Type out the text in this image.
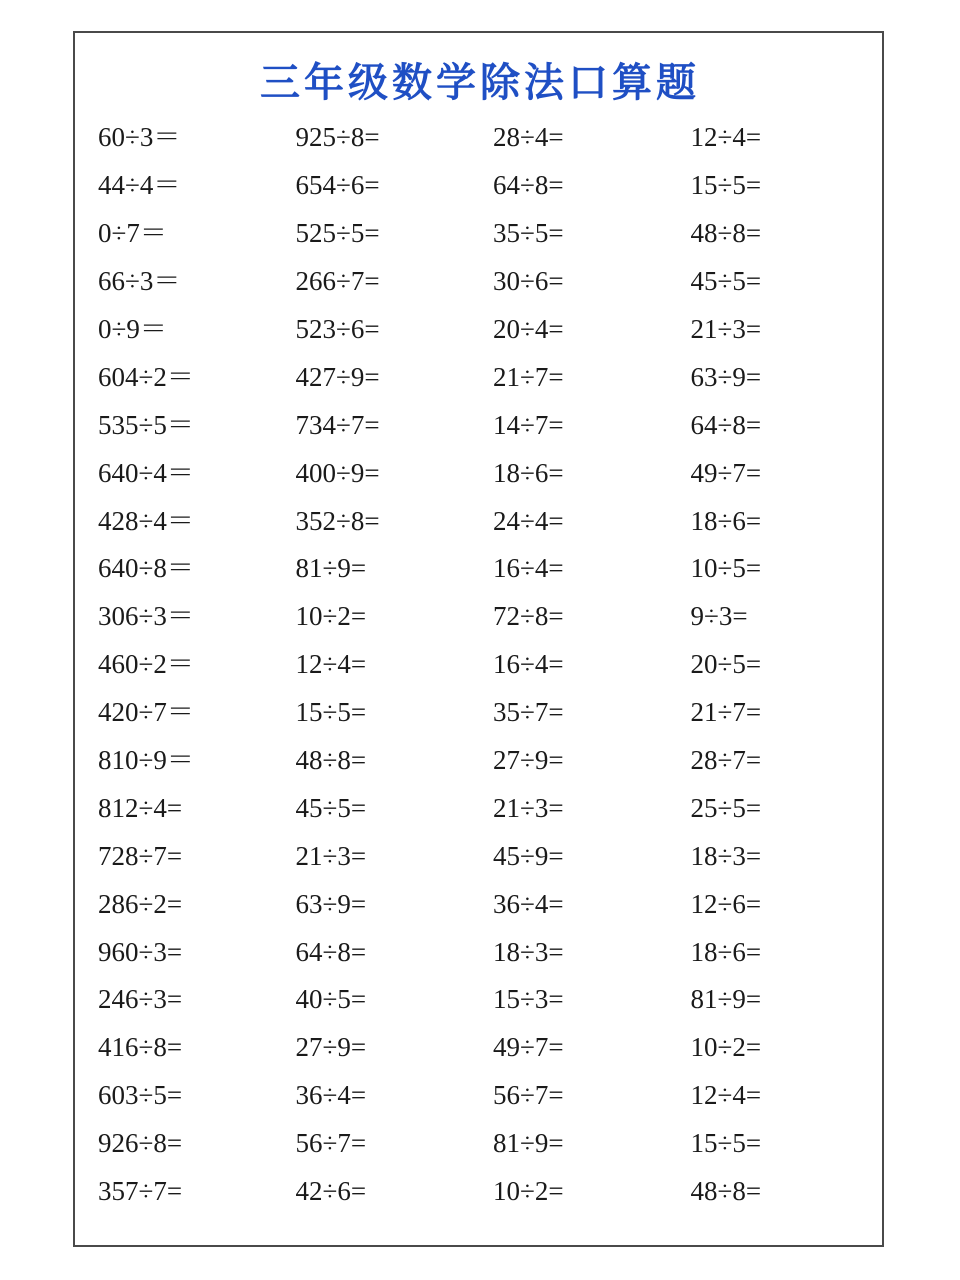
三年级数学除法口算题
60÷3＝	925÷8=	28÷4=	12÷4=
44÷4＝	654÷6=	64÷8=	15÷5=
0÷7＝	525÷5=	35÷5=	48÷8=
66÷3＝	266÷7=	30÷6=	45÷5=
0÷9＝	523÷6=	20÷4=	21÷3=
604÷2＝	427÷9=	21÷7=	63÷9=
535÷5＝	734÷7=	14÷7=	64÷8=
640÷4＝	400÷9=	18÷6=	49÷7=
428÷4＝	352÷8=	24÷4=	18÷6=
640÷8＝	81÷9=	16÷4=	10÷5=
306÷3＝	10÷2=	72÷8=	9÷3=
460÷2＝	12÷4=	16÷4=	20÷5=
420÷7＝	15÷5=	35÷7=	21÷7=
810÷9＝	48÷8=	27÷9=	28÷7=
812÷4=	45÷5=	21÷3=	25÷5=
728÷7=	21÷3=	45÷9=	18÷3=
286÷2=	63÷9=	36÷4=	12÷6=
960÷3=	64÷8=	18÷3=	18÷6=
246÷3=	40÷5=	15÷3=	81÷9=
416÷8=	27÷9=	49÷7=	10÷2=
603÷5=	36÷4=	56÷7=	12÷4=
926÷8=	56÷7=	81÷9=	15÷5=
357÷7=	42÷6=	10÷2=	48÷8=
